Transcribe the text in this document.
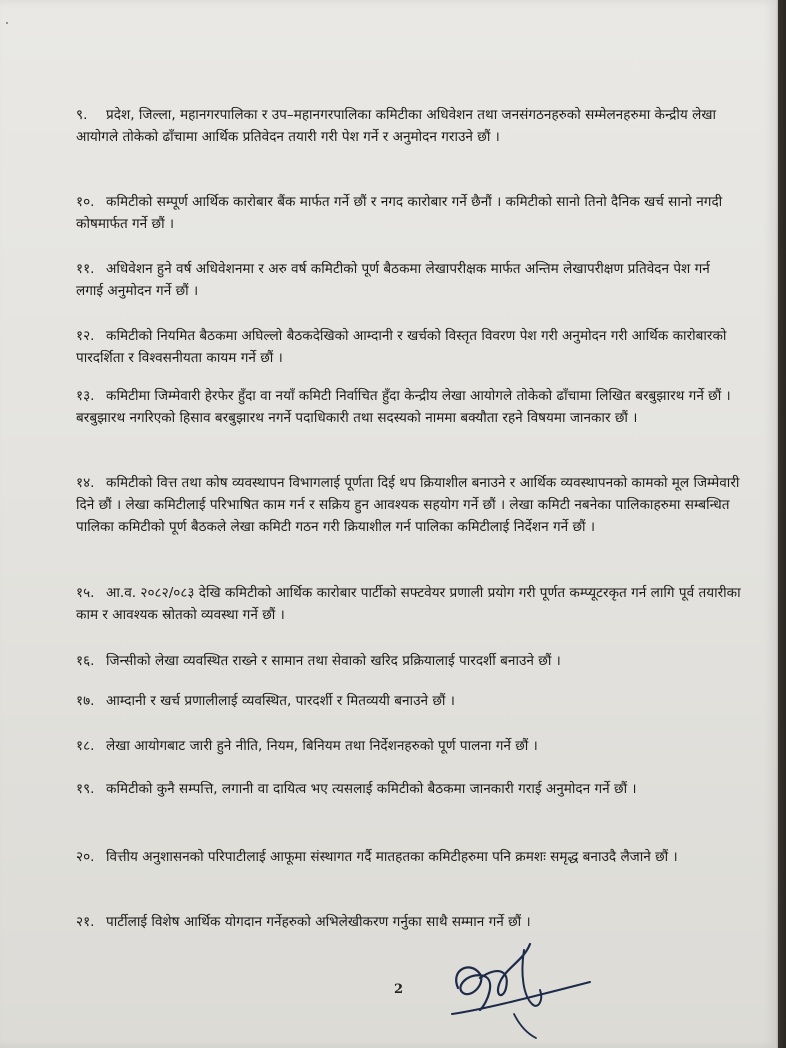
९. प्रदेश, जिल्ला, महानगरपालिका र उप–महानगरपालिका कमिटीका अधिवेशन तथा जनसंगठनहरुको सम्मेलनहरुमा केन्द्रीय लेखा आयोगले तोकेको ढाँचामा आर्थिक प्रतिवेदन तयारी गरी पेश गर्ने र अनुमोदन गराउने छौं ।
१०. कमिटीको सम्पूर्ण आर्थिक कारोबार बैंक मार्फत गर्ने छौं र नगद कारोबार गर्ने छैनौं । कमिटीको सानो तिनो दैनिक खर्च सानो नगदी कोषमार्फत गर्ने छौं ।
११. अधिवेशन हुने वर्ष अधिवेशनमा र अरु वर्ष कमिटीको पूर्ण बैठकमा लेखापरीक्षक मार्फत अन्तिम लेखापरीक्षण प्रतिवेदन पेश गर्न लगाई अनुमोदन गर्ने छौं ।
१२. कमिटीको नियमित बैठकमा अघिल्लो बैठकदेखिको आम्दानी र खर्चको विस्तृत विवरण पेश गरी अनुमोदन गरी आर्थिक कारोबारको पारदर्शिता र विश्वसनीयता कायम गर्ने छौं ।
१३. कमिटीमा जिम्मेवारी हेरफेर हुँदा वा नयाँ कमिटी निर्वाचित हुँदा केन्द्रीय लेखा आयोगले तोकेको ढाँचामा लिखित बरबुझारथ गर्ने छौं । बरबुझारथ नगरिएको हिसाव बरबुझारथ नगर्ने पदाधिकारी तथा सदस्यको नाममा बक्यौता रहने विषयमा जानकार छौं ।
१४. कमिटीको वित्त तथा कोष व्यवस्थापन विभागलाई पूर्णता दिई थप क्रियाशील बनाउने र आर्थिक व्यवस्थापनको कामको मूल जिम्मेवारी दिने छौं । लेखा कमिटीलाई परिभाषित काम गर्न र सक्रिय हुन आवश्यक सहयोग गर्ने छौं । लेखा कमिटी नबनेका पालिकाहरुमा सम्बन्धित पालिका कमिटीको पूर्ण बैठकले लेखा कमिटी गठन गरी क्रियाशील गर्न पालिका कमिटीलाई निर्देशन गर्ने छौं ।
१५. आ.व. २०८२/०८३ देखि कमिटीको आर्थिक कारोबार पार्टीको सफ्टवेयर प्रणाली प्रयोग गरी पूर्णत कम्प्यूटरकृत गर्न लागि पूर्व तयारीका काम र आवश्यक स्रोतको व्यवस्था गर्ने छौं ।
१६. जिन्सीको लेखा व्यवस्थित राख्ने र सामान तथा सेवाको खरिद प्रक्रियालाई पारदर्शी बनाउने छौं ।
१७. आम्दानी र खर्च प्रणालीलाई व्यवस्थित, पारदर्शी र मितव्ययी बनाउने छौं ।
१८. लेखा आयोगबाट जारी हुने नीति, नियम, बिनियम तथा निर्देशनहरुको पूर्ण पालना गर्ने छौं ।
१९. कमिटीको कुनै सम्पत्ति, लगानी वा दायित्व भए त्यसलाई कमिटीको बैठकमा जानकारी गराई अनुमोदन गर्ने छौं ।
२०. वित्तीय अनुशासनको परिपाटीलाई आफूमा संस्थागत गर्दै मातहतका कमिटीहरुमा पनि क्रमशः समृद्ध बनाउदै लैजाने छौं ।
२१. पार्टीलाई विशेष आर्थिक योगदान गर्नेहरुको अभिलेखीकरण गर्नुका साथै सम्मान गर्ने छौं ।
2
